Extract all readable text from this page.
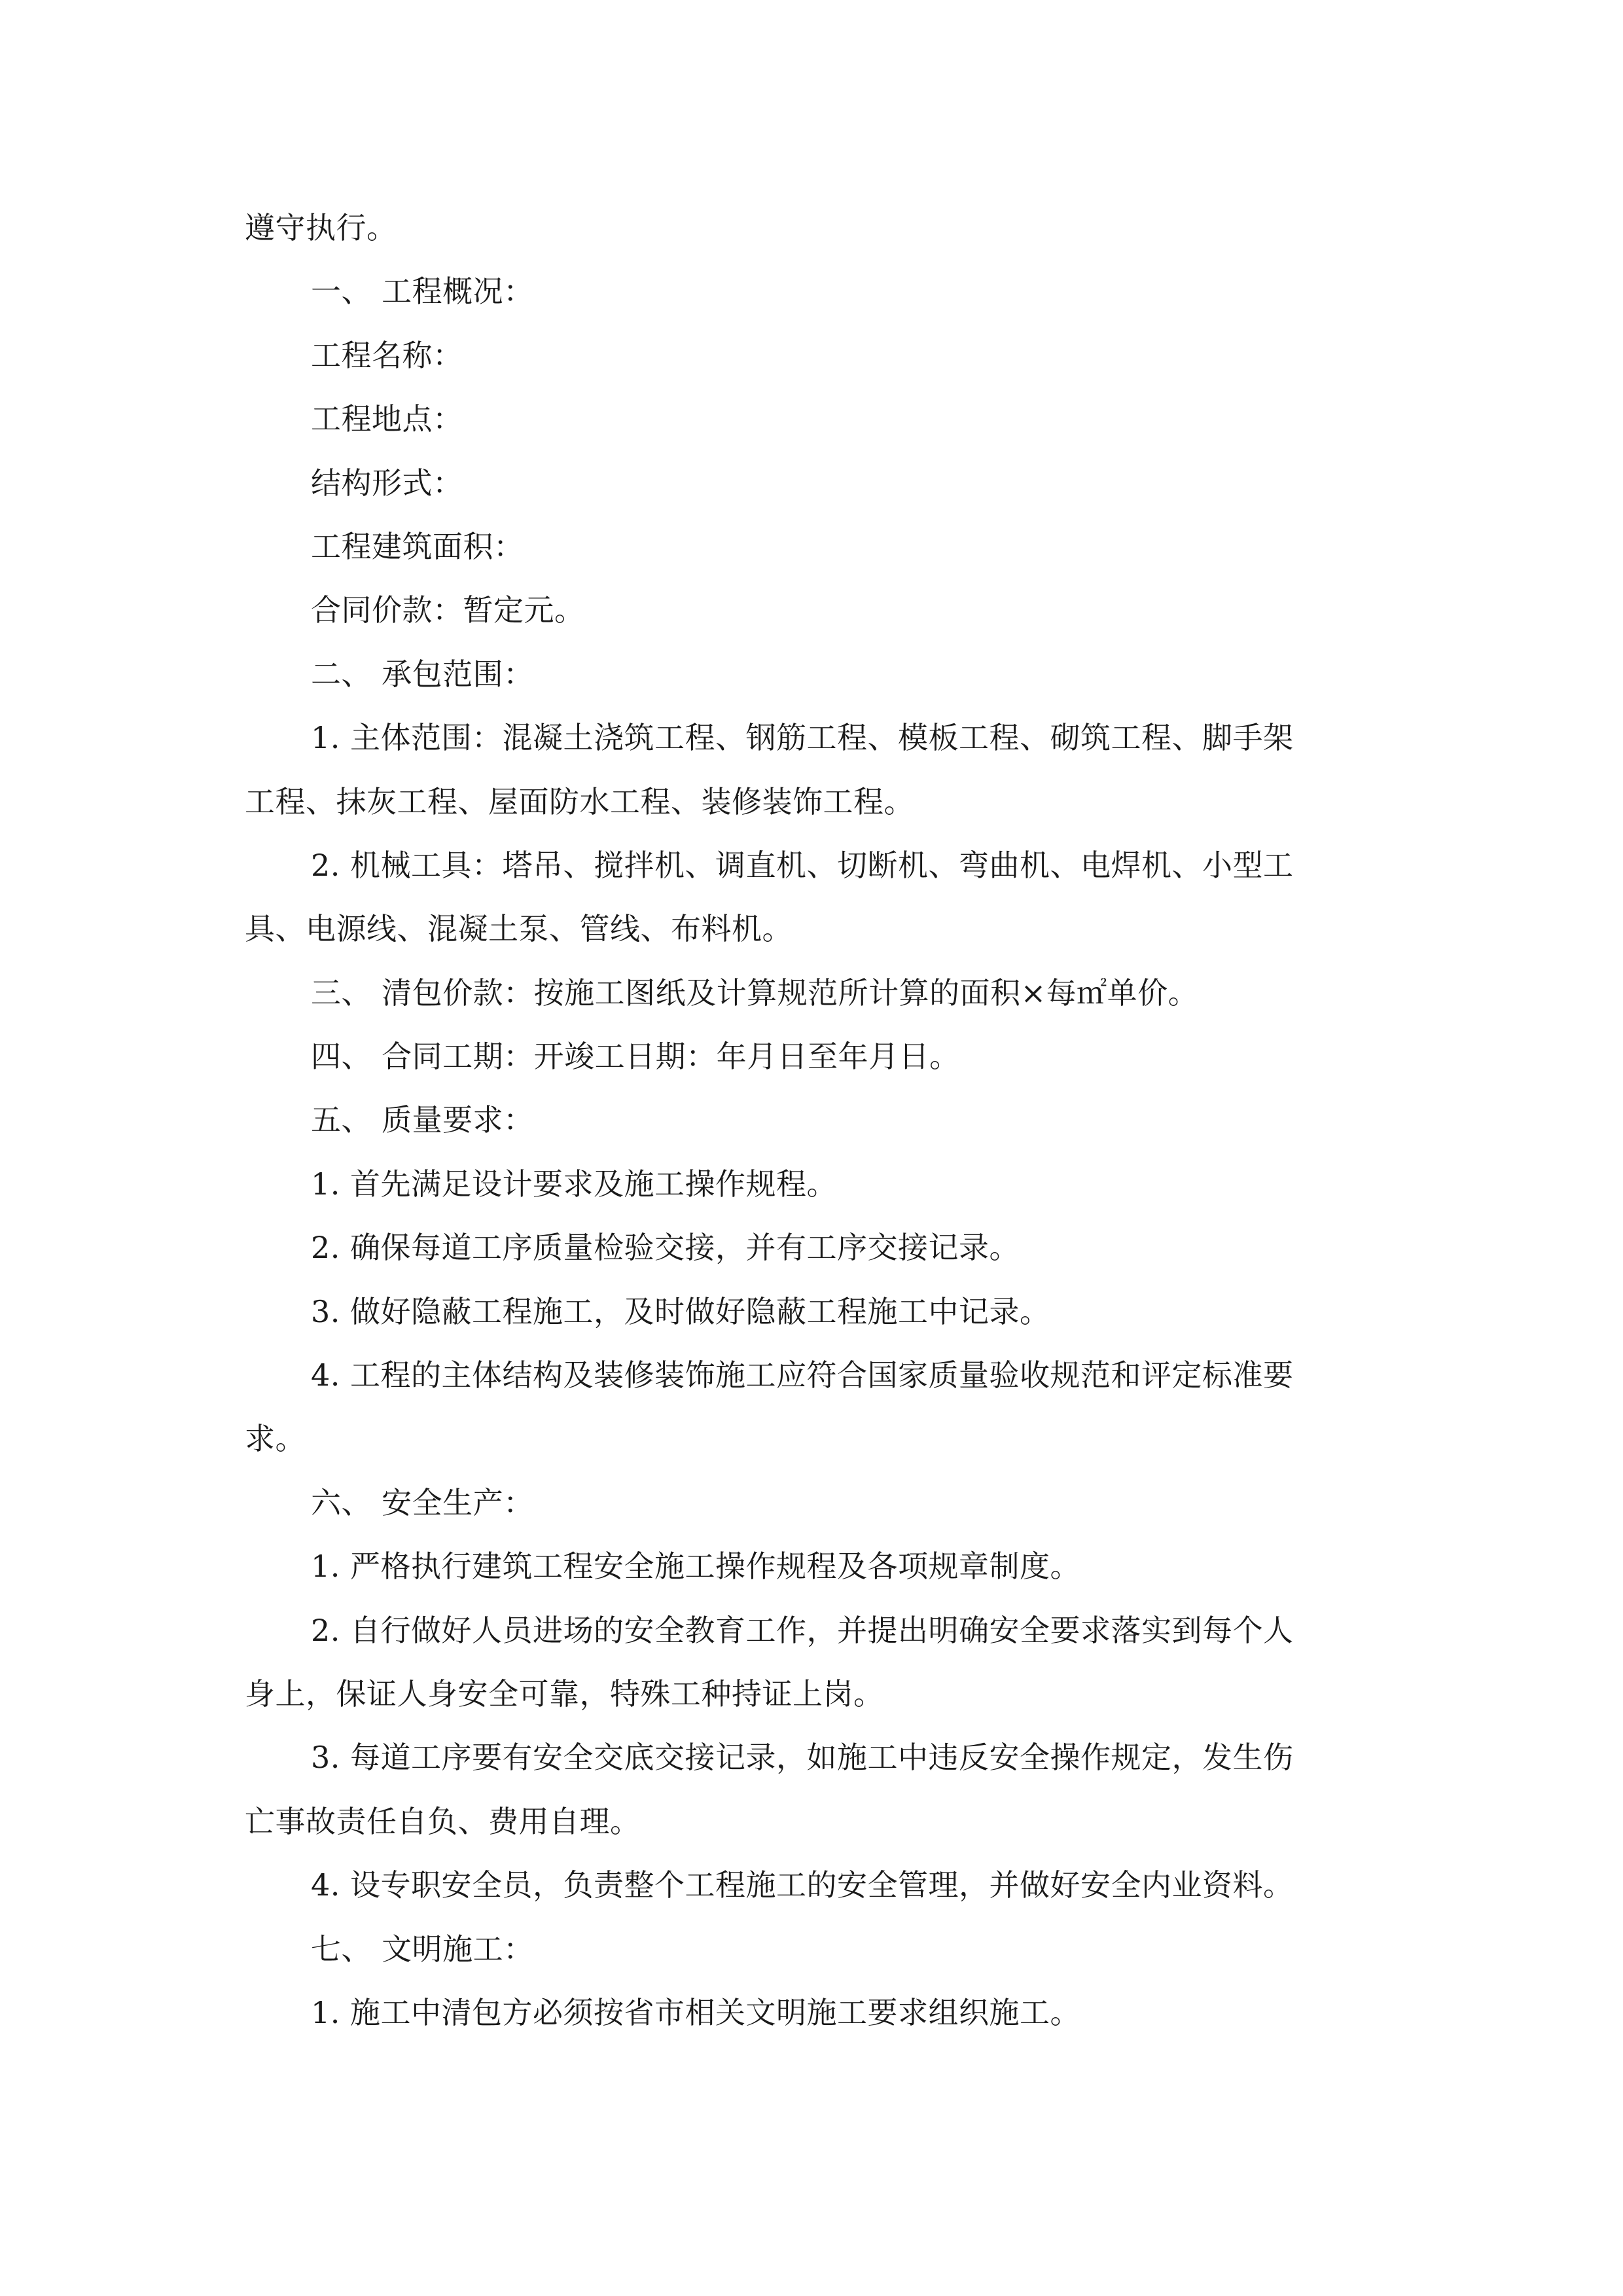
遵守执行。
一、 工程概况：
工程名称：
工程地点：
结构形式：
工程建筑面积：
合同价款：暂定元。
二、 承包范围：
1. 主体范围：混凝土浇筑工程、钢筋工程、模板工程、砌筑工程、脚手架
工程、抹灰工程、屋面防水工程、装修装饰工程。
2. 机械工具：塔吊、搅拌机、调直机、切断机、弯曲机、电焊机、小型工
具、电源线、混凝土泵、管线、布料机。
三、 清包价款：按施工图纸及计算规范所计算的面积×每㎡单价。
四、 合同工期：开竣工日期：年月日至年月日。
五、 质量要求：
1. 首先满足设计要求及施工操作规程。
2. 确保每道工序质量检验交接，并有工序交接记录。
3. 做好隐蔽工程施工，及时做好隐蔽工程施工中记录。
4. 工程的主体结构及装修装饰施工应符合国家质量验收规范和评定标准要
求。
六、 安全生产：
1. 严格执行建筑工程安全施工操作规程及各项规章制度。
2. 自行做好人员进场的安全教育工作，并提出明确安全要求落实到每个人
身上，保证人身安全可靠，特殊工种持证上岗。
3. 每道工序要有安全交底交接记录，如施工中违反安全操作规定，发生伤
亡事故责任自负、费用自理。
4. 设专职安全员，负责整个工程施工的安全管理，并做好安全内业资料。
七、 文明施工：
1. 施工中清包方必须按省市相关文明施工要求组织施工。
